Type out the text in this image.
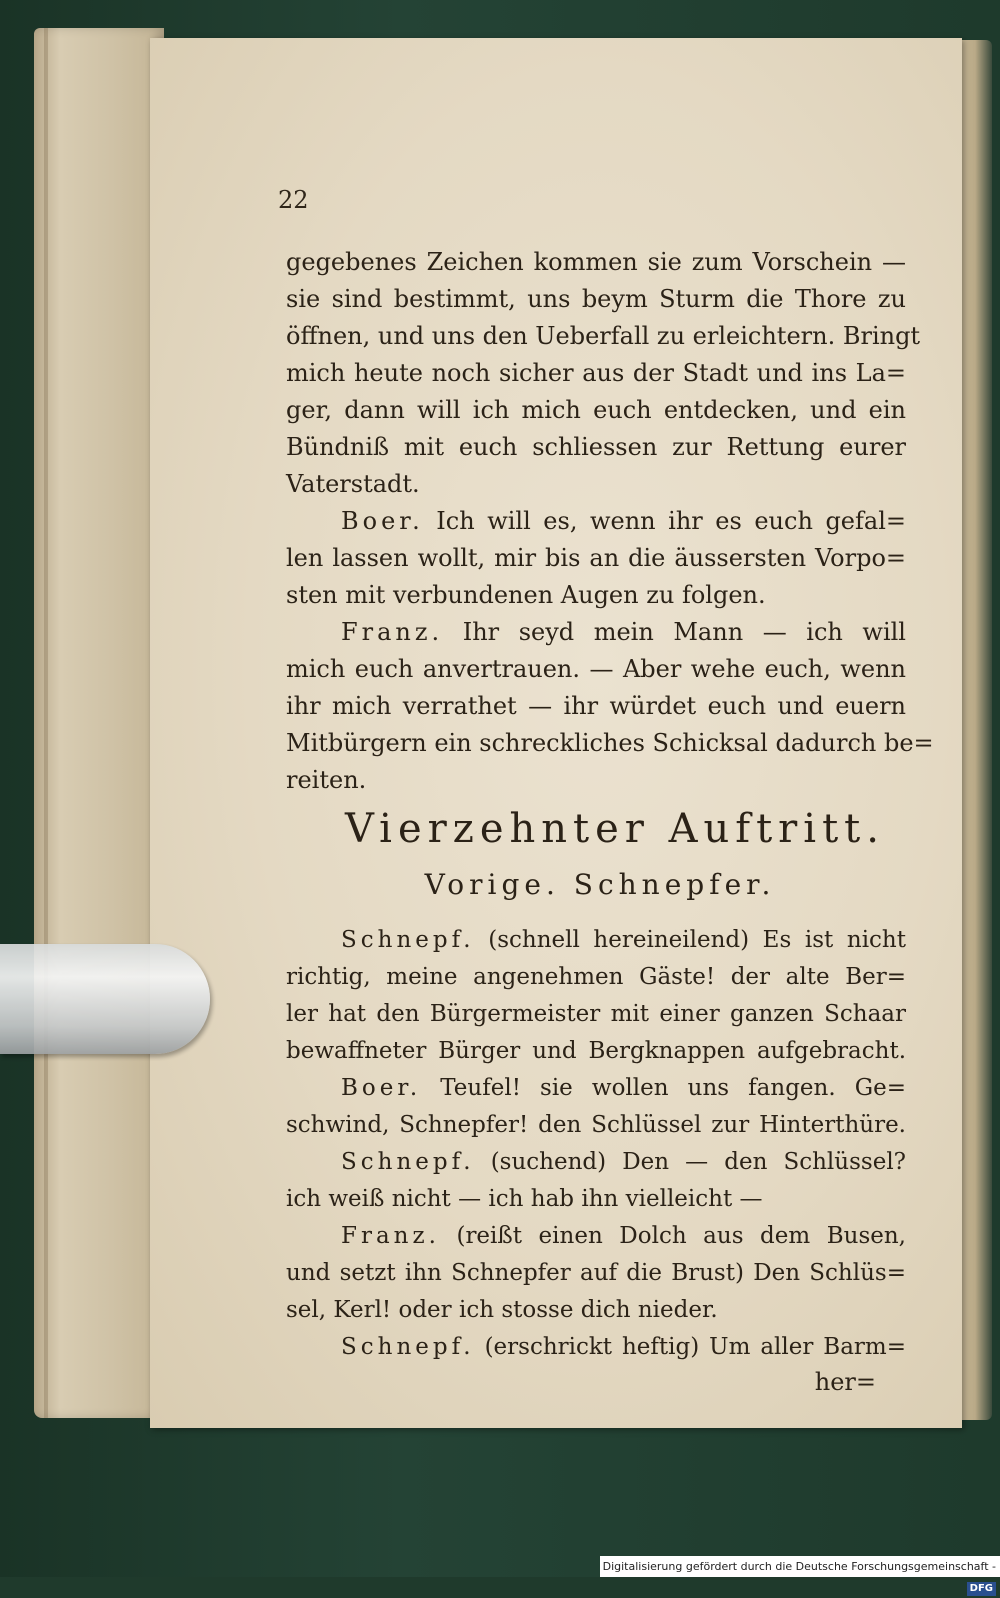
22
gegebenes Zeichen kommen sie zum Vorschein —
sie sind bestimmt, uns beym Sturm die Thore zu
öffnen, und uns den Ueberfall zu erleichtern. Bringt
mich heute noch sicher aus der Stadt und ins La=
ger, dann will ich mich euch entdecken, und ein
Bündniß mit euch schliessen zur Rettung eurer
Vaterstadt.
Boer. Ich will es, wenn ihr es euch gefal=
len lassen wollt, mir bis an die äussersten Vorpo=
sten mit verbundenen Augen zu folgen.
Franz. Ihr seyd mein Mann — ich will
mich euch anvertrauen. — Aber wehe euch, wenn
ihr mich verrathet — ihr würdet euch und euern
Mitbürgern ein schreckliches Schicksal dadurch be=
reiten.
Vierzehnter Auftritt.
Vorige. Schnepfer.
Schnepf. (schnell hereineilend) Es ist nicht
richtig, meine angenehmen Gäste! der alte Ber=
ler hat den Bürgermeister mit einer ganzen Schaar
bewaffneter Bürger und Bergknappen aufgebracht.
Boer. Teufel! sie wollen uns fangen. Ge=
schwind, Schnepfer! den Schlüssel zur Hinterthüre.
Schnepf. (suchend) Den — den Schlüssel?
ich weiß nicht — ich hab ihn vielleicht —
Franz. (reißt einen Dolch aus dem Busen,
und setzt ihn Schnepfer auf die Brust) Den Schlüs=
sel, Kerl! oder ich stosse dich nieder.
Schnepf. (erschrickt heftig) Um aller Barm=
her=
Digitalisierung gefördert durch die Deutsche Forschungsgemeinschaft - DFG
